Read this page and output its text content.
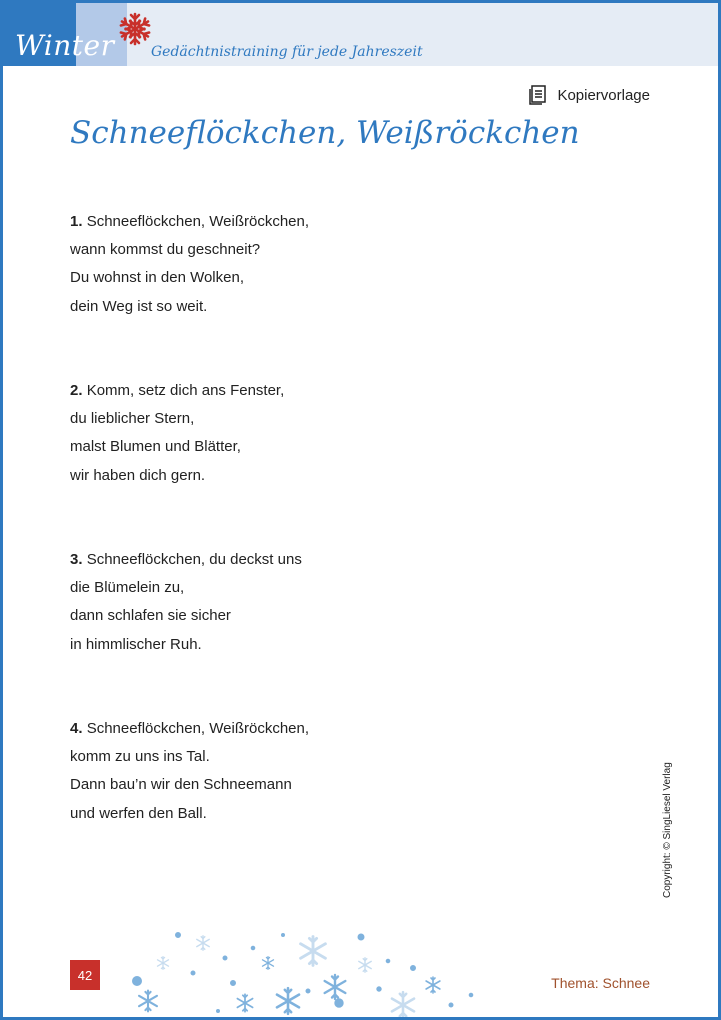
Winter	Gedächtnistraining für jede Jahreszeit
Kopiervorlage
Schneeflöckchen, Weißröckchen
1. Schneeflöckchen, Weißröckchen,
wann kommst du geschneit?
Du wohnst in den Wolken,
dein Weg ist so weit.
2. Komm, setz dich ans Fenster,
du lieblicher Stern,
malst Blumen und Blätter,
wir haben dich gern.
3. Schneeflöckchen, du deckst uns
die Blümelein zu,
dann schlafen sie sicher
in himmlischer Ruh.
4. Schneeflöckchen, Weißröckchen,
komm zu uns ins Tal.
Dann bau’n wir den Schneemann
und werfen den Ball.	Copyright: © SingLiesel Verlag
42	Thema: Schnee
